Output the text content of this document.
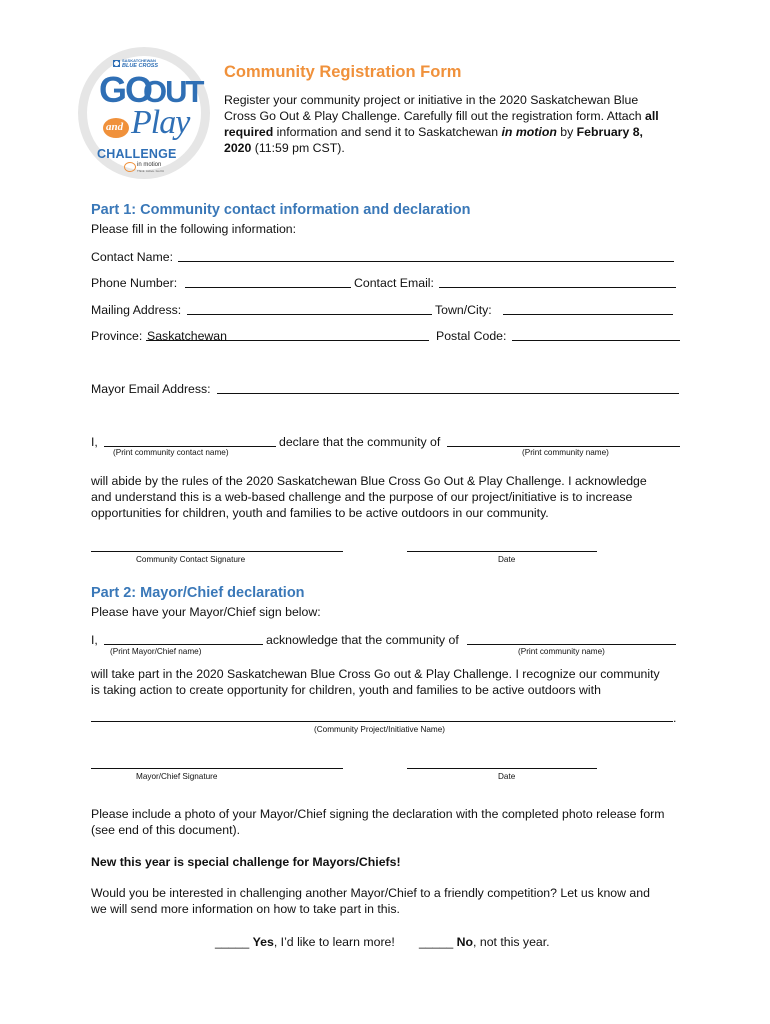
SASKATCHEWAN
BLUE CROSS
GO
OUT
and Play
CHALLENGE
in motion
Think. Active. Go Fit
Community Registration Form
Register your community project or initiative in the 2020 Saskatchewan Blue
Cross Go Out & Play Challenge. Carefully fill out the registration form. Attach all
required information and send it to Saskatchewan in motion by February 8,
2020 (11:59 pm CST).
Part 1: Community contact information and declaration
Please fill in the following information:
Contact Name:
Phone Number:	Contact Email:
Mailing Address:	Town/City:
Province: Saskatchewan	Postal Code:
Mayor Email Address:
I,	declare that the community of
(Print community contact name)	(Print community name)
will abide by the rules of the 2020 Saskatchewan Blue Cross Go Out & Play Challenge. I acknowledge
and understand this is a web-based challenge and the purpose of our project/initiative is to increase
opportunities for children, youth and families to be active outdoors in our community.
Community Contact Signature	Date
Part 2: Mayor/Chief declaration
Please have your Mayor/Chief sign below:
I,	acknowledge that the community of
(Print Mayor/Chief name)	(Print community name)
will take part in the 2020 Saskatchewan Blue Cross Go out & Play Challenge. I recognize our community
is taking action to create opportunity for children, youth and families to be active outdoors with
.
(Community Project/Initiative Name)
Mayor/Chief Signature	Date
Please include a photo of your Mayor/Chief signing the declaration with the completed photo release form
(see end of this document).
New this year is special challenge for Mayors/Chiefs!
Would you be interested in challenging another Mayor/Chief to a friendly competition? Let us know and
we will send more information on how to take part in this.
_____ Yes, I’d like to learn more! _____ No, not this year.
